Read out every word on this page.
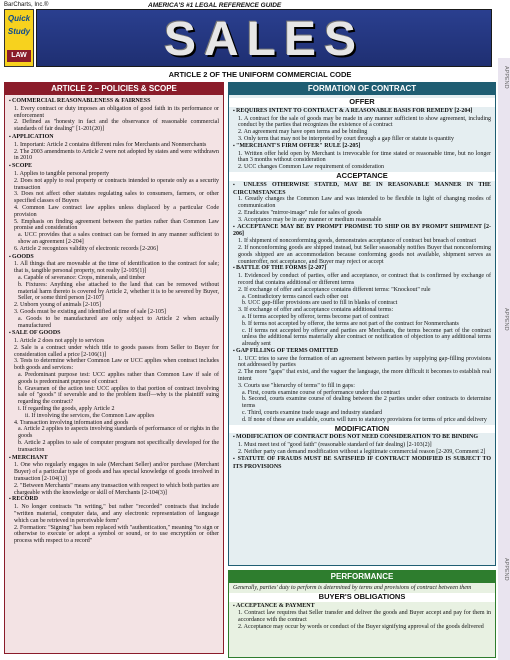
BarCharts, Inc.®	AMERICA'S #1 LEGAL REFERENCE GUIDE
Quick
Study
LAW	SALES
APPEND
APPEND
APPEND
ARTICLE 2 OF THE UNIFORM COMMERCIAL CODE
ARTICLE 2 – POLICIES & SCOPE
▪ COMMERCIAL REASONABLENESS & FAIRNESS
1. Every contract or duty imposes an obligation of good faith in its performance or enforcement
2. Defined as "honesty in fact and the observance of reasonable commercial standards of fair dealing" [1-201(20)]
▪ APPLICATION
1. Important: Article 2 contains different rules for Merchants and Nonmerchants
2. The 2003 amendments to Article 2 were not adopted by states and were withdrawn in 2010
▪ SCOPE
1. Applies to tangible personal property
2. Does not apply to real property or contracts intended to operate only as a security transaction
3. Does not affect other statutes regulating sales to consumers, farmers, or other specified classes of Buyers
4. Common Law contract law applies unless displaced by a particular Code provision
5. Emphasis on finding agreement between the parties rather than Common Law promise and consideration
a. UCC provides that a sales contract can be formed in any manner sufficient to show an agreement [2-204]
6. Article 2 recognizes validity of electronic records [2-206]
▪ GOODS
1. All things that are moveable at the time of identification to the contract for sale; that is, tangible personal property, not realty [2-105(1)]
a. Capable of severance: Crops, minerals, and timber
b. Fixtures: Anything else attached to the land that can be removed without material harm thereto is covered by Article 2, whether it is to be severed by Buyer, Seller, or some third person [2-107]
2. Unborn young of animals [2-105]
3. Goods must be existing and identified at time of sale [2-105]
a. Goods to be manufactured are only subject to Article 2 when actually manufactured
▪ SALE OF GOODS
1. Article 2 does not apply to services
2. Sale is a contract under which title to goods passes from Seller to Buyer for consideration called a price [2-106(1)]
3. Tests to determine whether Common Law or UCC applies when contract includes both goods and services:
a. Predominant purpose test: UCC applies rather than Common Law if sale of goods is predominant purpose of contract
b. Gravamen of the action test: UCC applies to that portion of contract involving sale of "goods" if severable and to the problem itself—why is the plaintiff suing regarding the contract?
i. If regarding the goods, apply Article 2
ii. If involving the services, the Common Law applies
4. Transaction involving information and goods
a. Article 2 applies to aspects involving standards of performance of or rights in the goods
b. Article 2 applies to sale of computer program not specifically developed for the transaction
▪ MERCHANT
1. One who regularly engages in sale (Merchant Seller) and/or purchase (Merchant Buyer) of a particular type of goods and has special knowledge of goods involved in transaction [2-104(1)]
2. "Between Merchants" means any transaction with respect to which both parties are chargeable with the knowledge or skill of Merchants [2-104(3)]
▪ RECORD
1. No longer contracts "in writing," but rather "recorded" contracts that include "written material, computer data, and any electronic representation of language which can be retrieved in perceivable form"
2. Formation: "Signing" has been replaced with "authentication," meaning "to sign or otherwise to execute or adopt a symbol or sound, or to use encryption or other process with respect to a record"
FORMATION OF CONTRACT
OFFER
▪ REQUIRES INTENT TO CONTRACT & A REASONABLE BASIS FOR REMEDY [2-204]
1. A contract for the sale of goods may be made in any manner sufficient to show agreement, including conduct by the parties that recognizes the existence of a contract
2. An agreement may have open terms and be binding
3. Only term that may not be interpreted by court through a gap filler or statute is quantity
▪ "MERCHANT'S FIRM OFFER" RULE [2-205]
1. Written offer held open by Merchant is irrevocable for time stated or reasonable time, but no longer than 3 months without consideration
2. UCC changes Common Law requirement of consideration
ACCEPTANCE
▪ UNLESS OTHERWISE STATED, MAY BE IN REASONABLE MANNER IN THE CIRCUMSTANCES
1. Greatly changes the Common Law and was intended to be flexible in light of changing modes of communication
2. Eradicates "mirror-image" rule for sales of goods
3. Acceptance may be in any manner or medium reasonable
▪ ACCEPTANCE MAY BE BY PROMPT PROMISE TO SHIP OR BY PROMPT SHIPMENT [2-206]
1. If shipment of nonconforming goods, demonstrates acceptance of contract but breach of contract
2. If nonconforming goods are shipped instead, but Seller seasonably notifies Buyer that nonconforming goods shipped are an accommodation because conforming goods not available, shipment serves as counteroffer, not acceptance, and Buyer may reject or accept
▪ BATTLE OF THE FORMS [2-207]
1. Evidenced by conduct of parties, offer and acceptance, or contract that is confirmed by exchange of record that contains additional or different terms
2. If exchange of offer and acceptance contains different terms: "Knockout" rule
a. Contradictory terms cancel each other out
b. UCC gap-filler provisions are used to fill in blanks of contract
3. If exchange of offer and acceptance contains additional terms:
a. If terms accepted by offeror, terms become part of contract
b. If terms not accepted by offeror, the terms are not part of the contract for Nonmerchants
c. If terms not accepted by offeror and parties are Merchants, the terms become part of the contract unless the additional terms materially alter contract or notification of objection to any additional terms already sent
▪ GAP FILLING OF TERMS OMITTED
1. UCC tries to save the formation of an agreement between parties by supplying gap-filling provisions not addressed by parties
2. The more "gaps" that exist, and the vaguer the language, the more difficult it becomes to establish real intent
3. Courts use "hierarchy of terms" to fill in gaps:
a. First, courts examine course of performance under that contract
b. Second, courts examine course of dealing between the 2 parties under other contracts to determine terms
c. Third, courts examine trade usage and industry standard
d. If none of these are available, courts will turn to statutory provisions for terms of price and delivery
MODIFICATION
▪ MODIFICATION OF CONTRACT DOES NOT NEED CONSIDERATION TO BE BINDING
1. Must meet test of "good faith" (reasonable standard of fair dealing) [2-103(2)]
2. Neither party can demand modification without a legitimate commercial reason [2-209, Comment 2]
▪ STATUTE OF FRAUDS MUST BE SATISFIED IF CONTRACT MODIFIED IS SUBJECT TO ITS PROVISIONS
PERFORMANCE
Generally, parties' duty to perform is determined by terms and provisions of contract between them
BUYER'S OBLIGATIONS
▪ ACCEPTANCE & PAYMENT
1. Contract law requires that Seller transfer and deliver the goods and Buyer accept and pay for them in accordance with the contract
2. Acceptance may occur by words or conduct of the Buyer signifying approval of the goods delivered
